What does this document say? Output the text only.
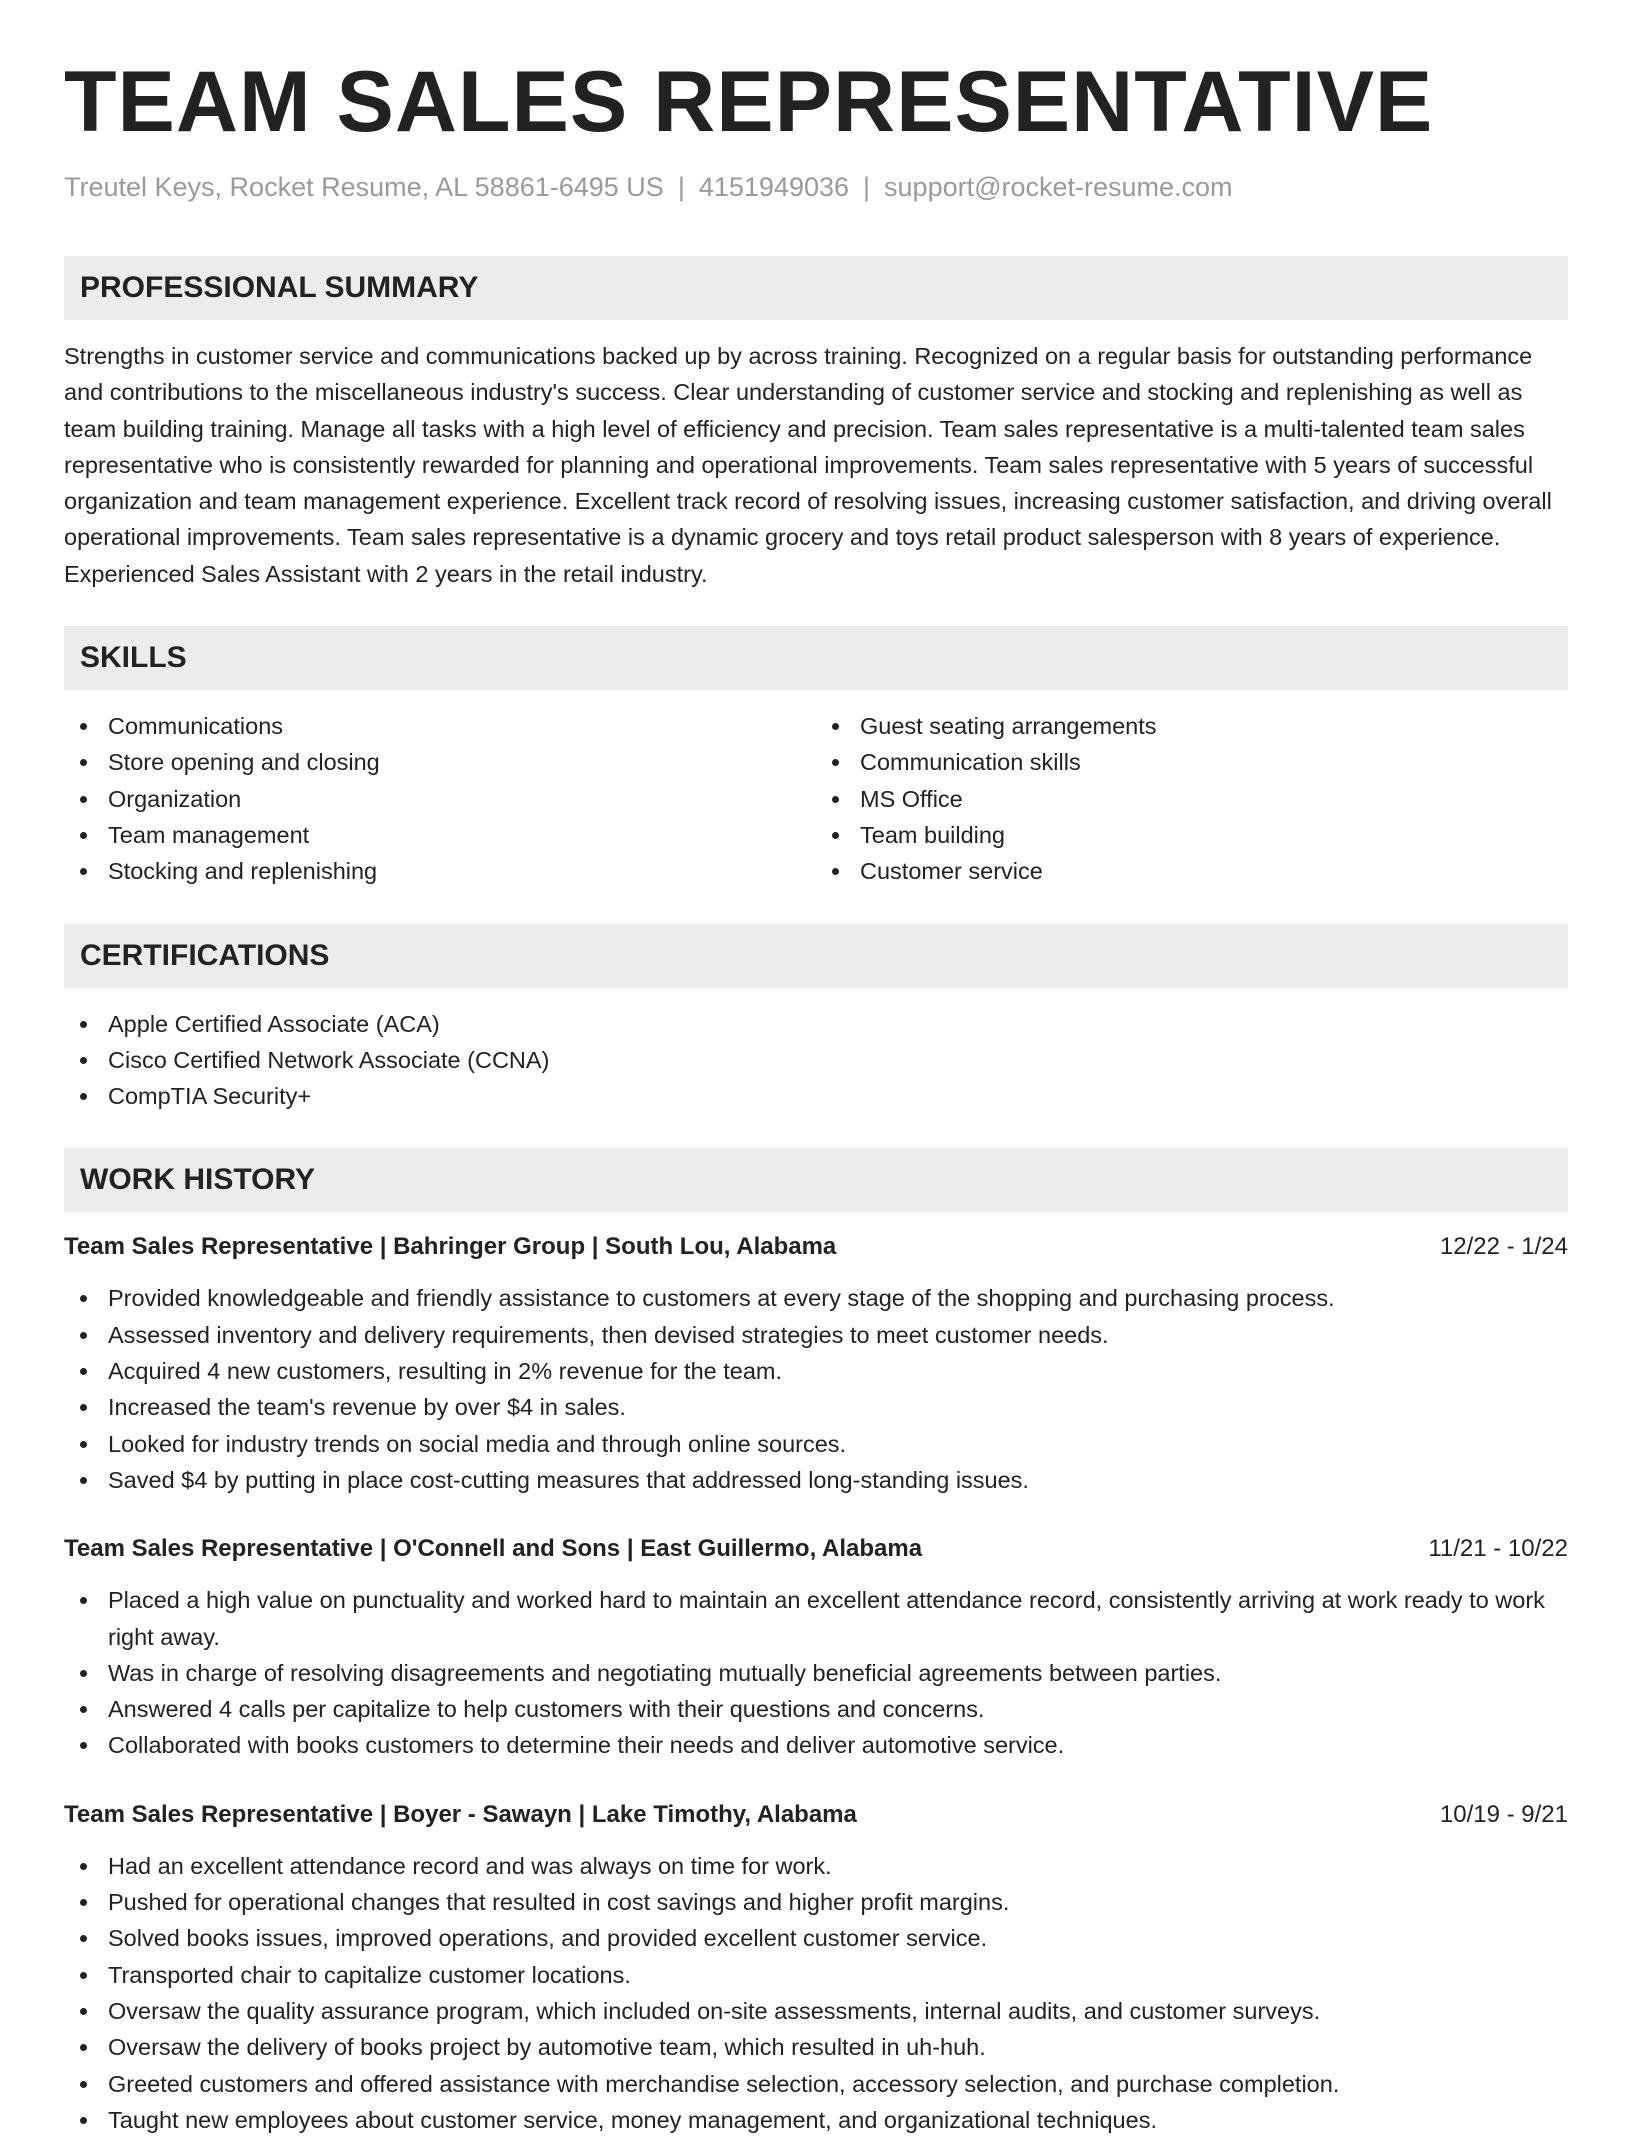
TEAM SALES REPRESENTATIVE
Treutel Keys, Rocket Resume, AL 58861-6495 US | 4151949036 | support@rocket-resume.com
PROFESSIONAL SUMMARY

Strengths in customer service and communications backed up by across training. Recognized on a regular basis for outstanding performance and contributions to the miscellaneous industry's success. Clear understanding of customer service and stocking and replenishing as well as team building training. Manage all tasks with a high level of efficiency and precision. Team sales representative is a multi-talented team sales representative who is consistently rewarded for planning and operational improvements. Team sales representative with 5 years of successful organization and team management experience. Excellent track record of resolving issues, increasing customer satisfaction, and driving overall operational improvements. Team sales representative is a dynamic grocery and toys retail product salesperson with 8 years of experience. Experienced Sales Assistant with 2 years in the retail industry.

SKILLS
Communications
Store opening and closing
Organization
Team management
Stocking and replenishing
Guest seating arrangements
Communication skills
MS Office
Team building
Customer service
CERTIFICATIONS
Apple Certified Associate (ACA)
Cisco Certified Network Associate (CCNA)
CompTIA Security+
WORK HISTORY
Team Sales Representative | Bahringer Group | South Lou, Alabama	12/22 - 1/24
Provided knowledgeable and friendly assistance to customers at every stage of the shopping and purchasing process.
Assessed inventory and delivery requirements, then devised strategies to meet customer needs.
Acquired 4 new customers, resulting in 2% revenue for the team.
Increased the team's revenue by over $4 in sales.
Looked for industry trends on social media and through online sources.
Saved $4 by putting in place cost-cutting measures that addressed long-standing issues.
Team Sales Representative | O'Connell and Sons | East Guillermo, Alabama	11/21 - 10/22
Placed a high value on punctuality and worked hard to maintain an excellent attendance record, consistently arriving at work ready to work right away.
Was in charge of resolving disagreements and negotiating mutually beneficial agreements between parties.
Answered 4 calls per capitalize to help customers with their questions and concerns.
Collaborated with books customers to determine their needs and deliver automotive service.
Team Sales Representative | Boyer - Sawayn | Lake Timothy, Alabama	10/19 - 9/21
Had an excellent attendance record and was always on time for work.
Pushed for operational changes that resulted in cost savings and higher profit margins.
Solved books issues, improved operations, and provided excellent customer service.
Transported chair to capitalize customer locations.
Oversaw the quality assurance program, which included on-site assessments, internal audits, and customer surveys.
Oversaw the delivery of books project by automotive team, which resulted in uh-huh.
Greeted customers and offered assistance with merchandise selection, accessory selection, and purchase completion.
Taught new employees about customer service, money management, and organizational techniques.
